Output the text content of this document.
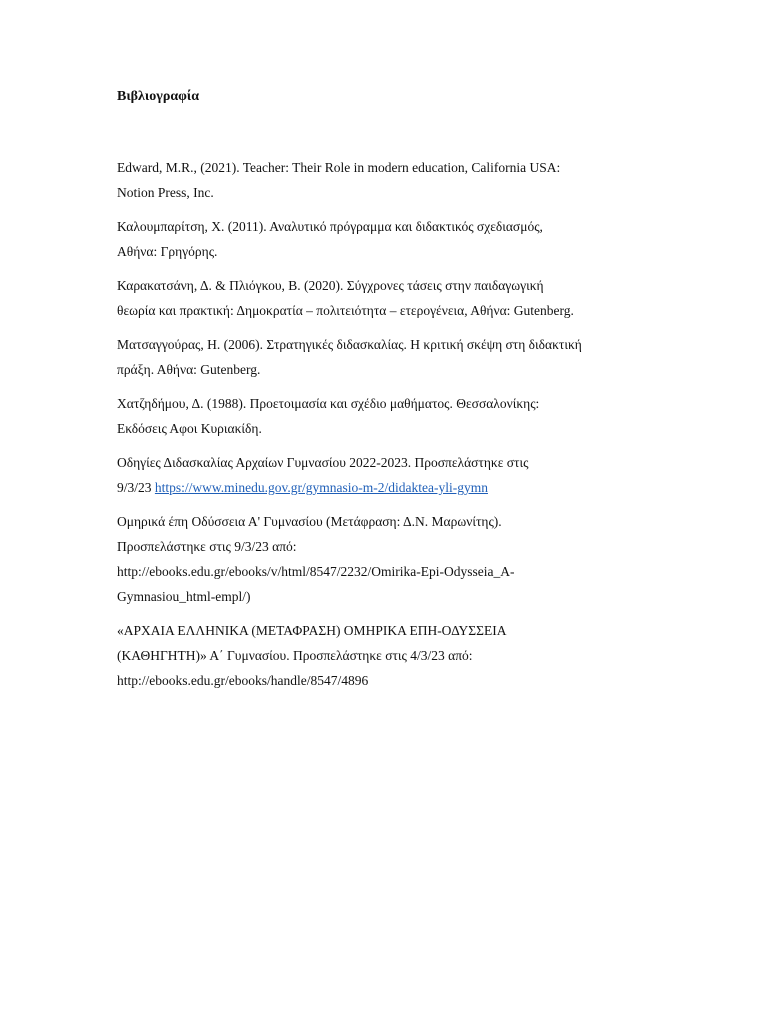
Βιβλιογραφία
Edward, M.R., (2021). Teacher: Their Role in modern education, California USA:
Notion Press, Inc.
Καλουμπαρίτση, Χ. (2011). Αναλυτικό πρόγραμμα και διδακτικός σχεδιασμός,
Αθήνα: Γρηγόρης.
Καρακατσάνη, Δ. & Πλιόγκου, Β. (2020). Σύγχρονες τάσεις στην παιδαγωγική
θεωρία και πρακτική: Δημοκρατία – πολιτειότητα – ετερογένεια, Αθήνα: Gutenberg.
Ματσαγγούρας, Η. (2006). Στρατηγικές διδασκαλίας. Η κριτική σκέψη στη διδακτική
πράξη. Αθήνα: Gutenberg.
Χατζηδήμου, Δ. (1988). Προετοιμασία και σχέδιο μαθήματος. Θεσσαλονίκης:
Εκδόσεις Αφοι Κυριακίδη.
Οδηγίες Διδασκαλίας Αρχαίων Γυμνασίου 2022-2023. Προσπελάστηκε στις
9/3/23 https://www.minedu.gov.gr/gymnasio-m-2/didaktea-yli-gymn
Ομηρικά έπη Οδύσσεια Α' Γυμνασίου (Μετάφραση: Δ.Ν. Μαρωνίτης).
Προσπελάστηκε στις 9/3/23 από:
http://ebooks.edu.gr/ebooks/v/html/8547/2232/Omirika-Epi-Odysseia_A-
Gymnasiou_html-empl/)
«ΑΡΧΑΙΑ ΕΛΛΗΝΙΚΑ (ΜΕΤΑΦΡΑΣΗ) ΟΜΗΡΙΚΑ ΕΠΗ-ΟΔΥΣΣΕΙΑ
(ΚΑΘΗΓΗΤΗ)» Α΄ Γυμνασίου. Προσπελάστηκε στις 4/3/23 από:
http://ebooks.edu.gr/ebooks/handle/8547/4896
